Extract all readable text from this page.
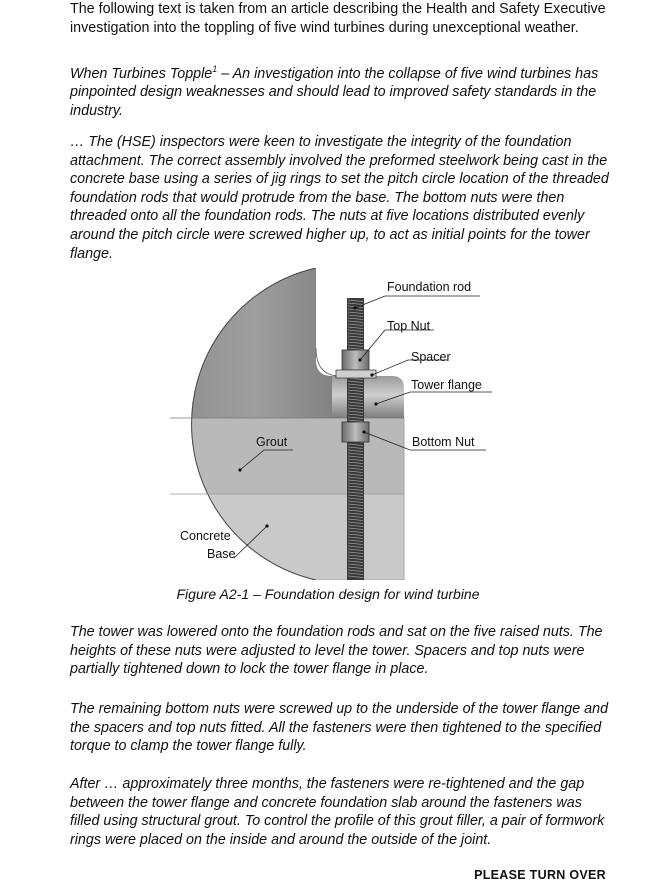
The following text is taken from an article describing the Health and Safety Executive investigation into the toppling of five wind turbines during unexceptional weather.

When Turbines Topple$^1$ – An investigation into the collapse of five wind turbines has pinpointed design weaknesses and should lead to improved safety standards in the industry.

… The (HSE) inspectors were keen to investigate the integrity of the foundation attachment. The correct assembly involved the preformed steelwork being cast in the concrete base using a series of jig rings to set the pitch circle location of the threaded foundation rods that would protrude from the base. The bottom nuts were then threaded onto all the foundation rods. The nuts at five locations distributed evenly around the pitch circle were screwed higher up, to act as initial points for the tower flange.

Foundation rod
Top Nut
Spacer
Tower flange
Grout	Bottom Nut
Concrete
Base
Figure A2-1 – Foundation design for wind turbine

The tower was lowered onto the foundation rods and sat on the five raised nuts. The heights of these nuts were adjusted to level the tower. Spacers and top nuts were partially tightened down to lock the tower flange in place.

The remaining bottom nuts were screwed up to the underside of the tower flange and the spacers and top nuts fitted. All the fasteners were then tightened to the specified torque to clamp the tower flange fully.

After … approximately three months, the fasteners were re-tightened and the gap between the tower flange and concrete foundation slab around the fasteners was filled using structural grout. To control the profile of this grout filler, a pair of formwork rings were placed on the inside and around the outside of the joint.

PLEASE TURN OVER
